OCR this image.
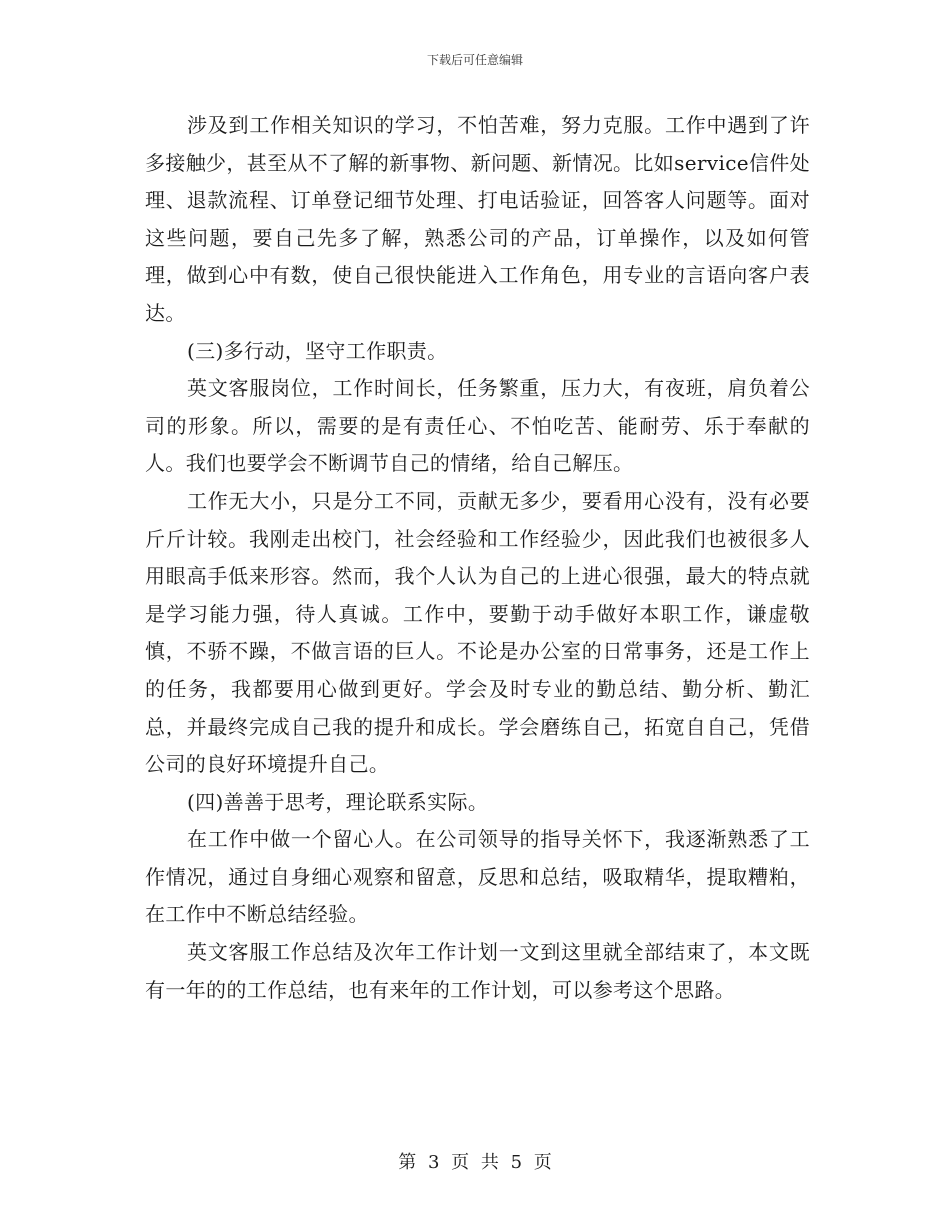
下载后可任意编辑

涉及到工作相关知识的学习，不怕苦难，努力克服。工作中遇到了许多接触少，甚至从不了解的新事物、新问题、新情况。比如service信件处理、退款流程、订单登记细节处理、打电话验证，回答客人问题等。面对这些问题，要自己先多了解，熟悉公司的产品，订单操作，以及如何管理，做到心中有数，使自己很快能进入工作角色，用专业的言语向客户表达。

(三)多行动，坚守工作职责。

英文客服岗位，工作时间长，任务繁重，压力大，有夜班，肩负着公司的形象。所以，需要的是有责任心、不怕吃苦、能耐劳、乐于奉献的人。我们也要学会不断调节自己的情绪，给自己解压。

工作无大小，只是分工不同，贡献无多少，要看用心没有，没有必要斤斤计较。我刚走出校门，社会经验和工作经验少，因此我们也被很多人用眼高手低来形容。然而，我个人认为自己的上进心很强，最大的特点就是学习能力强，待人真诚。工作中，要勤于动手做好本职工作，谦虚敬慎，不骄不躁，不做言语的巨人。不论是办公室的日常事务，还是工作上的任务，我都要用心做到更好。学会及时专业的勤总结、勤分析、勤汇总，并最终完成自己我的提升和成长。学会磨练自己，拓宽自自己，凭借公司的良好环境提升自己。

(四)善善于思考，理论联系实际。

在工作中做一个留心人。在公司领导的指导关怀下，我逐渐熟悉了工作情况，通过自身细心观察和留意，反思和总结，吸取精华，提取糟粕，在工作中不断总结经验。

英文客服工作总结及次年工作计划一文到这里就全部结束了，本文既有一年的的工作总结，也有来年的工作计划，可以参考这个思路。

第 3 页 共 5 页
